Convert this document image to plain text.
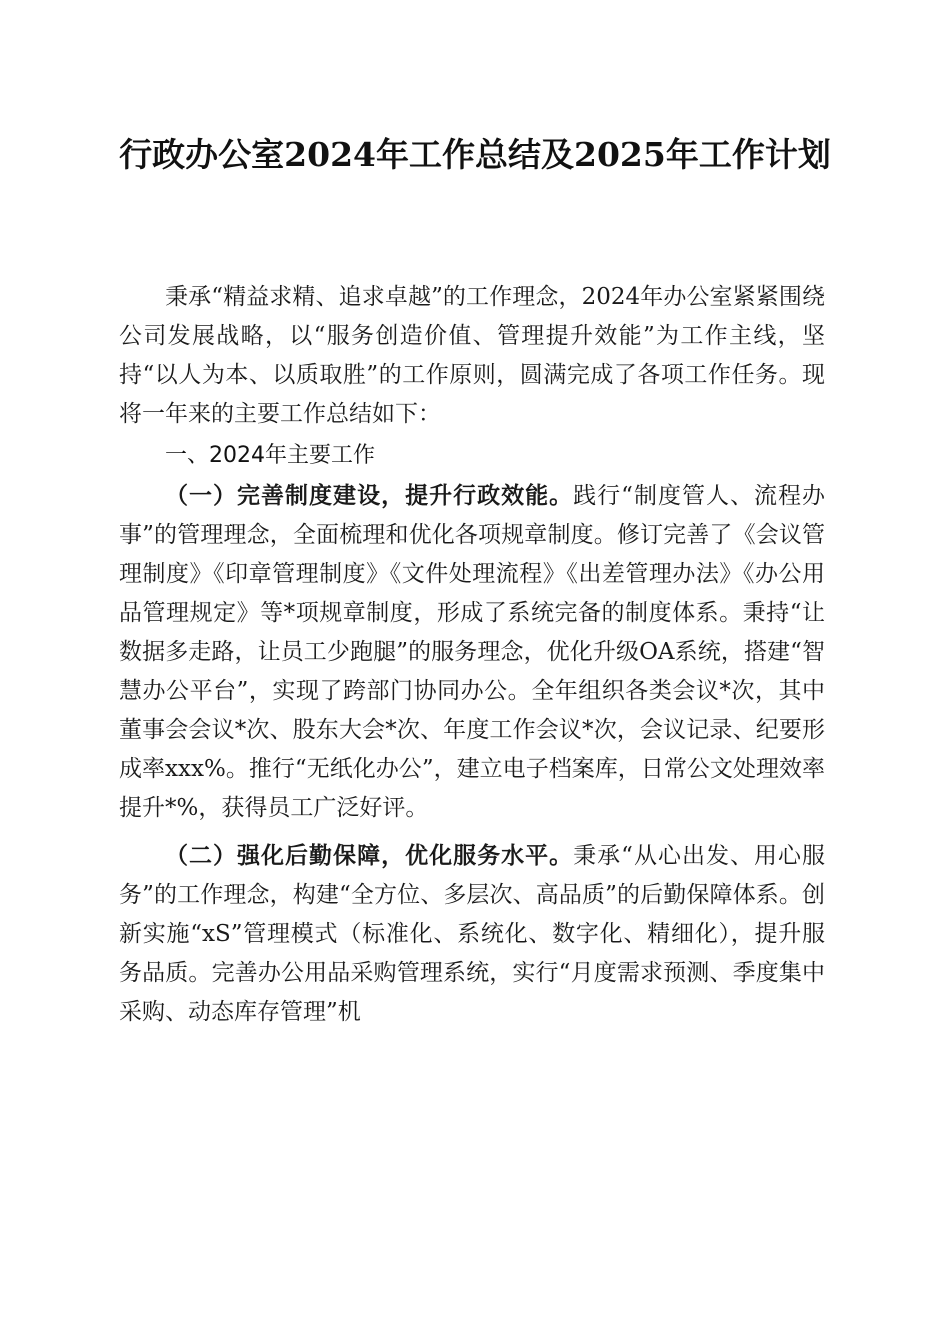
行政办公室2024年工作总结及2025年工作计划

秉承“精益求精、追求卓越”的工作理念，2024年办公室紧紧围绕公司发展战略，以“服务创造价值、管理提升效能”为工作主线，坚持“以人为本、以质取胜”的工作原则，圆满完成了各项工作任务。现将一年来的主要工作总结如下：

一、2024年主要工作

（一）完善制度建设，提升行政效能。践行“制度管人、流程办事”的管理理念，全面梳理和优化各项规章制度。修订完善了《会议管理制度》《印章管理制度》《文件处理流程》《出差管理办法》《办公用品管理规定》等*项规章制度，形成了系统完备的制度体系。秉持“让数据多走路，让员工少跑腿”的服务理念，优化升级OA系统，搭建“智慧办公平台”，实现了跨部门协同办公。全年组织各类会议*次，其中董事会会议*次、股东大会*次、年度工作会议*次，会议记录、纪要形成率xxx%。推行“无纸化办公”，建立电子档案库，日常公文处理效率提升*%，获得员工广泛好评。

（二）强化后勤保障，优化服务水平。秉承“从心出发、用心服务”的工作理念，构建“全方位、多层次、高品质”的后勤保障体系。创新实施“xS”管理模式（标准化、系统化、数字化、精细化），提升服务品质。完善办公用品采购管理系统，实行“月度需求预测、季度集中采购、动态库存管理”机
